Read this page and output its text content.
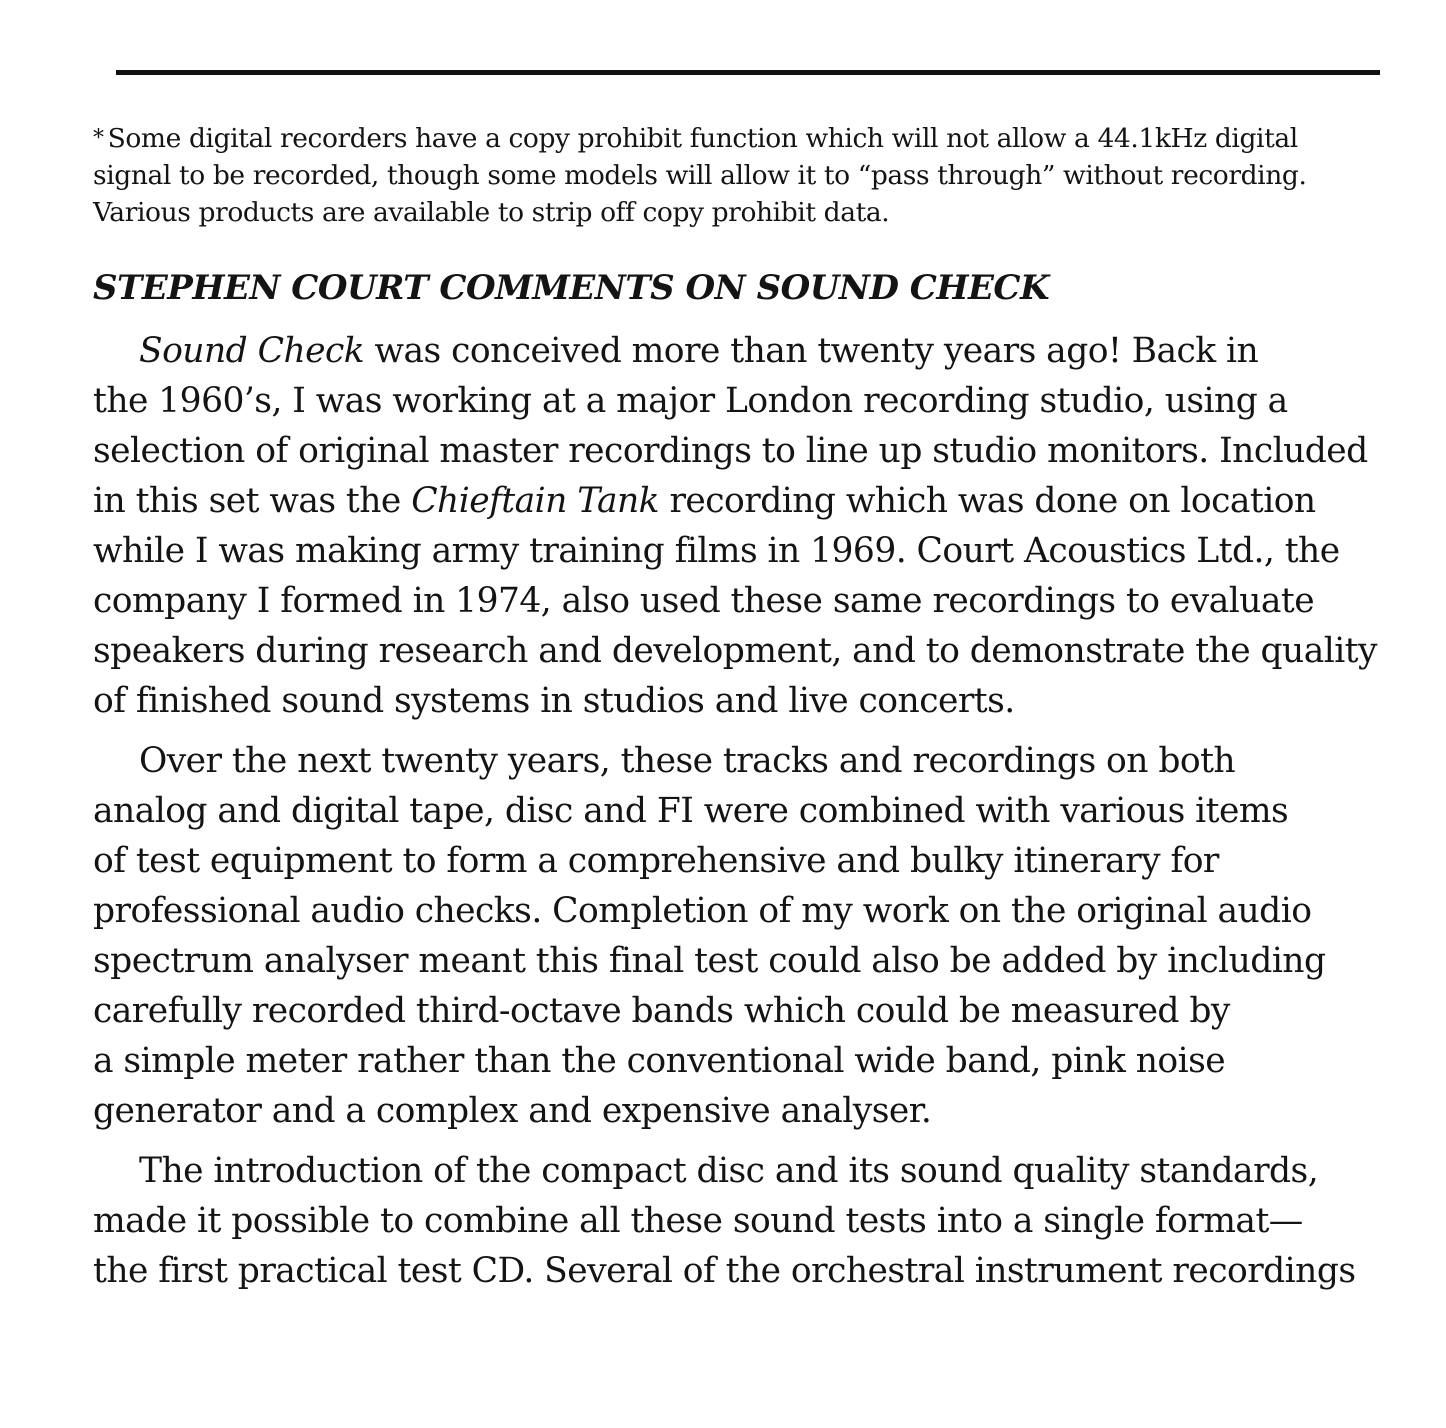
* Some digital recorders have a copy prohibit function which will not allow a 44.1kHz digital
signal to be recorded, though some models will allow it to “pass through” without recording.
Various products are available to strip off copy prohibit data.
STEPHEN COURT COMMENTS ON SOUND CHECK
Sound Check was conceived more than twenty years ago! Back in
the 1960’s, I was working at a major London recording studio, using a
selection of original master recordings to line up studio monitors. Included
in this set was the Chieftain Tank recording which was done on location
while I was making army training films in 1969. Court Acoustics Ltd., the
company I formed in 1974, also used these same recordings to evaluate
speakers during research and development, and to demonstrate the quality
of finished sound systems in studios and live concerts.
Over the next twenty years, these tracks and recordings on both
analog and digital tape, disc and FI were combined with various items
of test equipment to form a comprehensive and bulky itinerary for
professional audio checks. Completion of my work on the original audio
spectrum analyser meant this final test could also be added by including
carefully recorded third-octave bands which could be measured by
a simple meter rather than the conventional wide band, pink noise
generator and a complex and expensive analyser.
The introduction of the compact disc and its sound quality standards,
made it possible to combine all these sound tests into a single format—
the first practical test CD. Several of the orchestral instrument recordings
